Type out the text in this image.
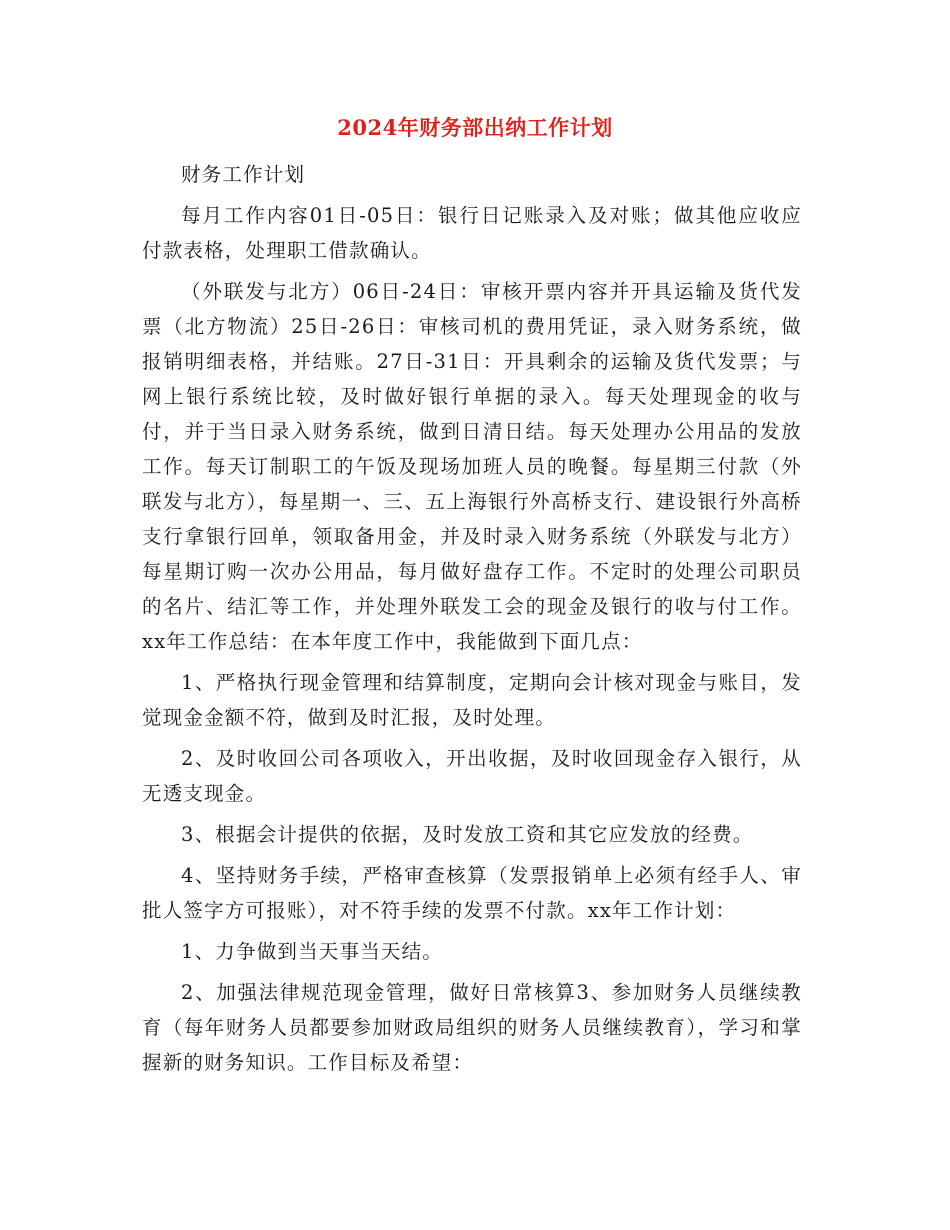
2024年财务部出纳工作计划

财务工作计划

每月工作内容01日-05日：银行日记账录入及对账；做其他应收应付款表格，处理职工借款确认。

（外联发与北方）06日-24日：审核开票内容并开具运输及货代发票（北方物流）25日-26日：审核司机的费用凭证，录入财务系统，做报销明细表格，并结账。27日-31日：开具剩余的运输及货代发票；与网上银行系统比较，及时做好银行单据的录入。每天处理现金的收与付，并于当日录入财务系统，做到日清日结。每天处理办公用品的发放工作。每天订制职工的午饭及现场加班人员的晚餐。每星期三付款（外联发与北方），每星期一、三、五上海银行外高桥支行、建设银行外高桥支行拿银行回单，领取备用金，并及时录入财务系统（外联发与北方）每星期订购一次办公用品，每月做好盘存工作。不定时的处理公司职员的名片、结汇等工作，并处理外联发工会的现金及银行的收与付工作。xx年工作总结：在本年度工作中，我能做到下面几点：

1、严格执行现金管理和结算制度，定期向会计核对现金与账目，发觉现金金额不符，做到及时汇报，及时处理。

2、及时收回公司各项收入，开出收据，及时收回现金存入银行，从无透支现金。

3、根据会计提供的依据，及时发放工资和其它应发放的经费。

4、坚持财务手续，严格审查核算（发票报销单上必须有经手人、审批人签字方可报账），对不符手续的发票不付款。xx年工作计划：

1、力争做到当天事当天结。

2、加强法律规范现金管理，做好日常核算3、参加财务人员继续教育（每年财务人员都要参加财政局组织的财务人员继续教育），学习和掌握新的财务知识。工作目标及希望：
